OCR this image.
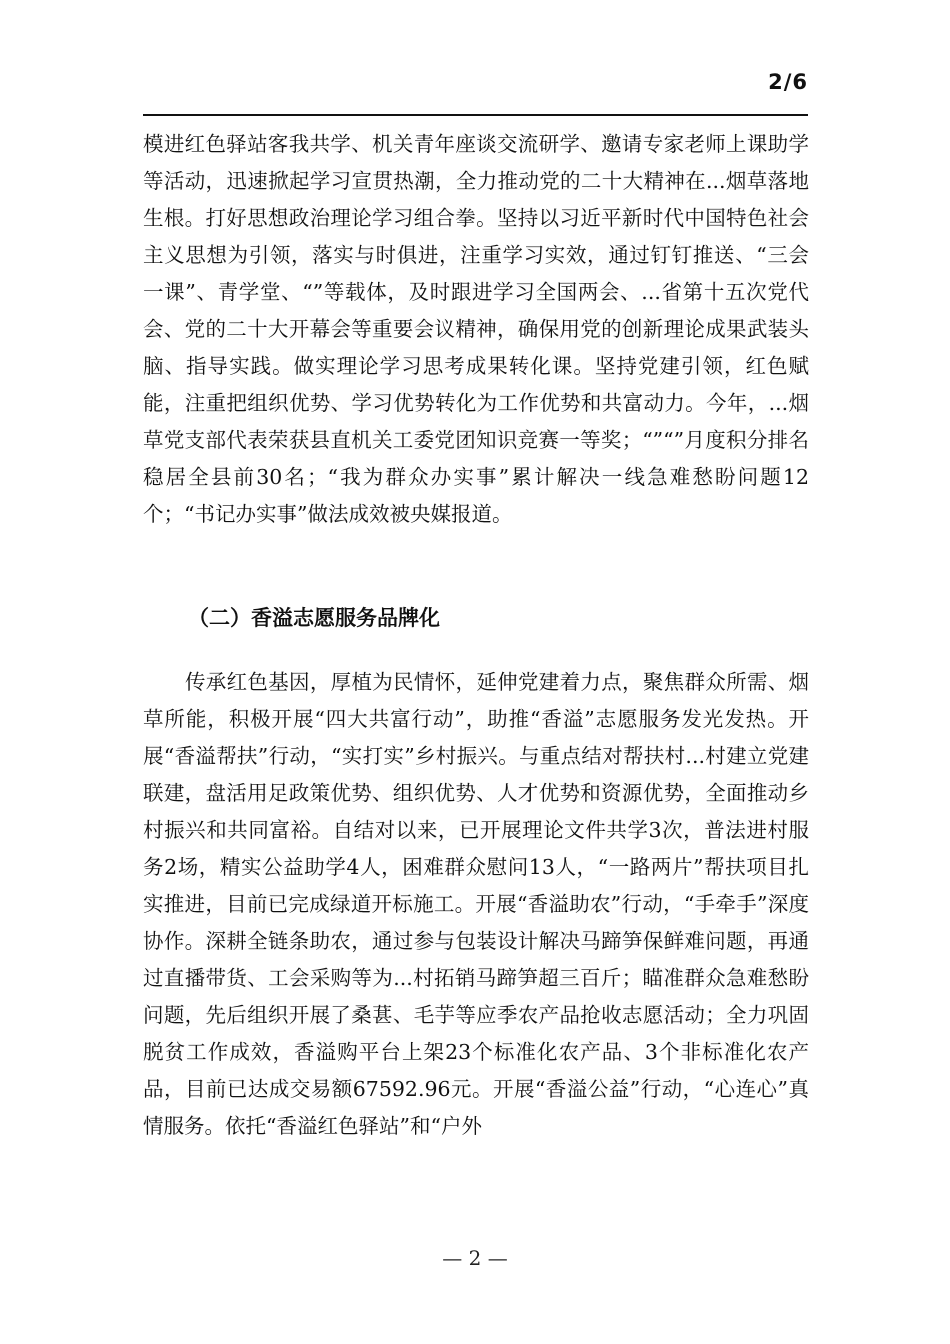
2/6

模进红色驿站客我共学、机关青年座谈交流研学、邀请专家老师上课助学等活动，迅速掀起学习宣贯热潮，全力推动党的二十大精神在...烟草落地生根。打好思想政治理论学习组合拳。坚持以习近平新时代中国特色社会主义思想为引领，落实与时俱进，注重学习实效，通过钉钉推送、“三会一课”、青学堂、“”等载体，及时跟进学习全国两会、...省第十五次党代会、党的二十大开幕会等重要会议精神，确保用党的创新理论成果武装头脑、指导实践。做实理论学习思考成果转化课。坚持党建引领，红色赋能，注重把组织优势、学习优势转化为工作优势和共富动力。今年，...烟草党支部代表荣获县直机关工委党团知识竞赛一等奖；“”“”月度积分排名稳居全县前30名；“我为群众办实事”累计解决一线急难愁盼问题12个；“书记办实事”做法成效被央媒报道。

（二）香溢志愿服务品牌化

传承红色基因，厚植为民情怀，延伸党建着力点，聚焦群众所需、烟草所能，积极开展“四大共富行动”，助推“香溢”志愿服务发光发热。开展“香溢帮扶”行动，“实打实”乡村振兴。与重点结对帮扶村...村建立党建联建，盘活用足政策优势、组织优势、人才优势和资源优势，全面推动乡村振兴和共同富裕。自结对以来，已开展理论文件共学3次，普法进村服务2场，精实公益助学4人，困难群众慰问13人，“一路两片”帮扶项目扎实推进，目前已完成绿道开标施工。开展“香溢助农”行动，“手牵手”深度协作。深耕全链条助农，通过参与包装设计解决马蹄笋保鲜难问题，再通过直播带货、工会采购等为...村拓销马蹄笋超三百斤；瞄准群众急难愁盼问题，先后组织开展了桑葚、毛芋等应季农产品抢收志愿活动；全力巩固脱贫工作成效，香溢购平台上架23个标准化农产品、3个非标准化农产品，目前已达成交易额67592.96元。开展“香溢公益”行动，“心连心”真情服务。依托“香溢红色驿站”和“户外

— 2 —
